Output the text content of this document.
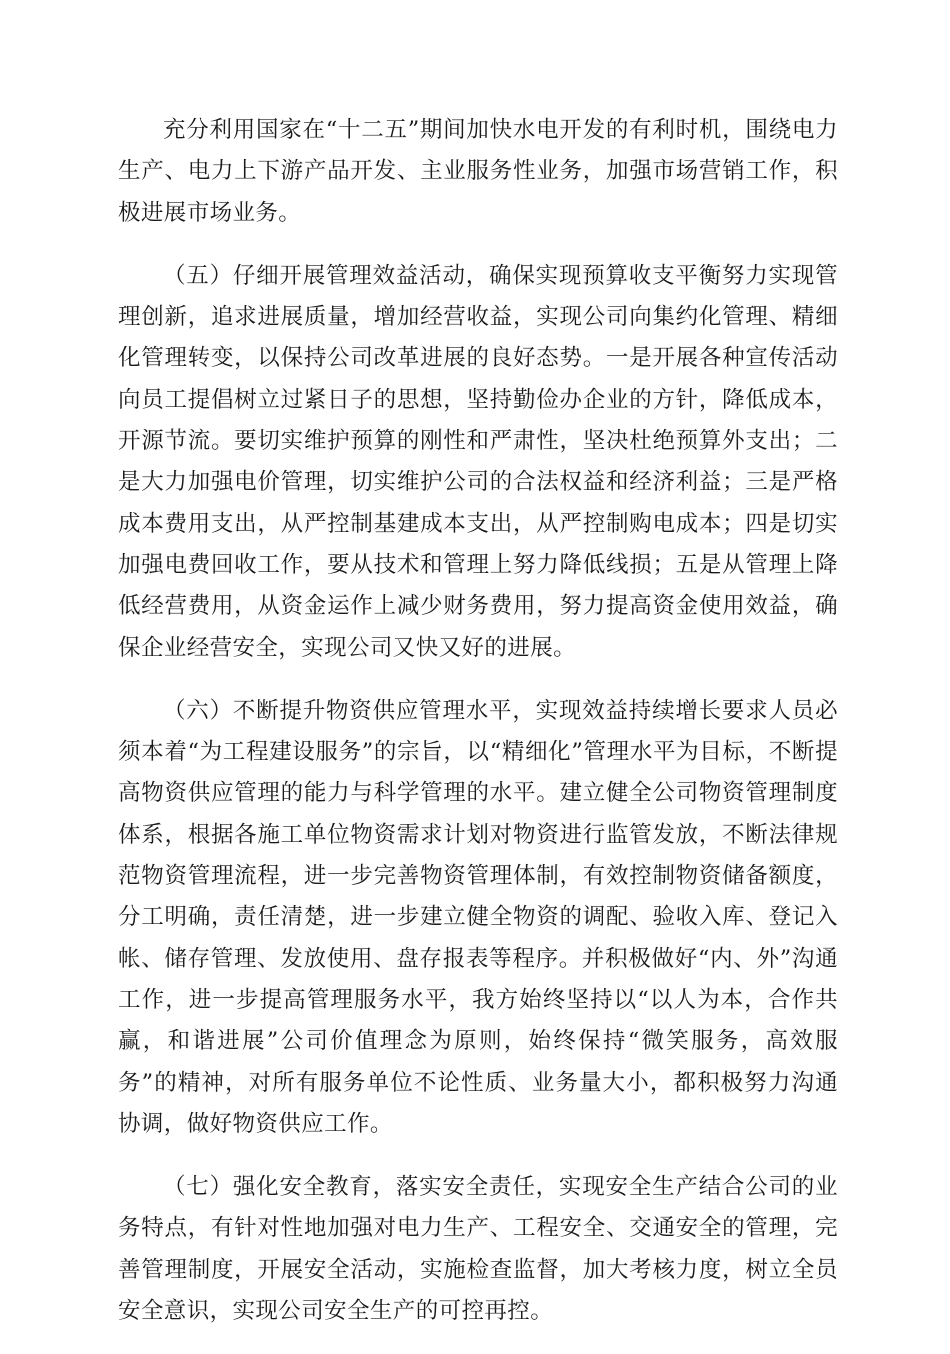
充分利用国家在“十二五”期间加快水电开发的有利时机，围绕电力生产、电力上下游产品开发、主业服务性业务，加强市场营销工作，积极进展市场业务。

（五）仔细开展管理效益活动，确保实现预算收支平衡努力实现管理创新，追求进展质量，增加经营收益，实现公司向集约化管理、精细化管理转变，以保持公司改革进展的良好态势。一是开展各种宣传活动向员工提倡树立过紧日子的思想，坚持勤俭办企业的方针，降低成本，开源节流。要切实维护预算的刚性和严肃性，坚决杜绝预算外支出；二是大力加强电价管理，切实维护公司的合法权益和经济利益；三是严格成本费用支出，从严控制基建成本支出，从严控制购电成本；四是切实加强电费回收工作，要从技术和管理上努力降低线损；五是从管理上降低经营费用，从资金运作上减少财务费用，努力提高资金使用效益，确保企业经营安全，实现公司又快又好的进展。

（六）不断提升物资供应管理水平，实现效益持续增长要求人员必须本着“为工程建设服务”的宗旨，以“精细化”管理水平为目标，不断提高物资供应管理的能力与科学管理的水平。建立健全公司物资管理制度体系，根据各施工单位物资需求计划对物资进行监管发放，不断法律规范物资管理流程，进一步完善物资管理体制，有效控制物资储备额度，分工明确，责任清楚，进一步建立健全物资的调配、验收入库、登记入帐、储存管理、发放使用、盘存报表等程序。并积极做好“内、外”沟通工作，进一步提高管理服务水平，我方始终坚持以“以人为本，合作共赢，和谐进展”公司价值理念为原则，始终保持“微笑服务，高效服务”的精神，对所有服务单位不论性质、业务量大小，都积极努力沟通协调，做好物资供应工作。

（七）强化安全教育，落实安全责任，实现安全生产结合公司的业务特点，有针对性地加强对电力生产、工程安全、交通安全的管理，完善管理制度，开展安全活动，实施检查监督，加大考核力度，树立全员安全意识，实现公司安全生产的可控再控。
